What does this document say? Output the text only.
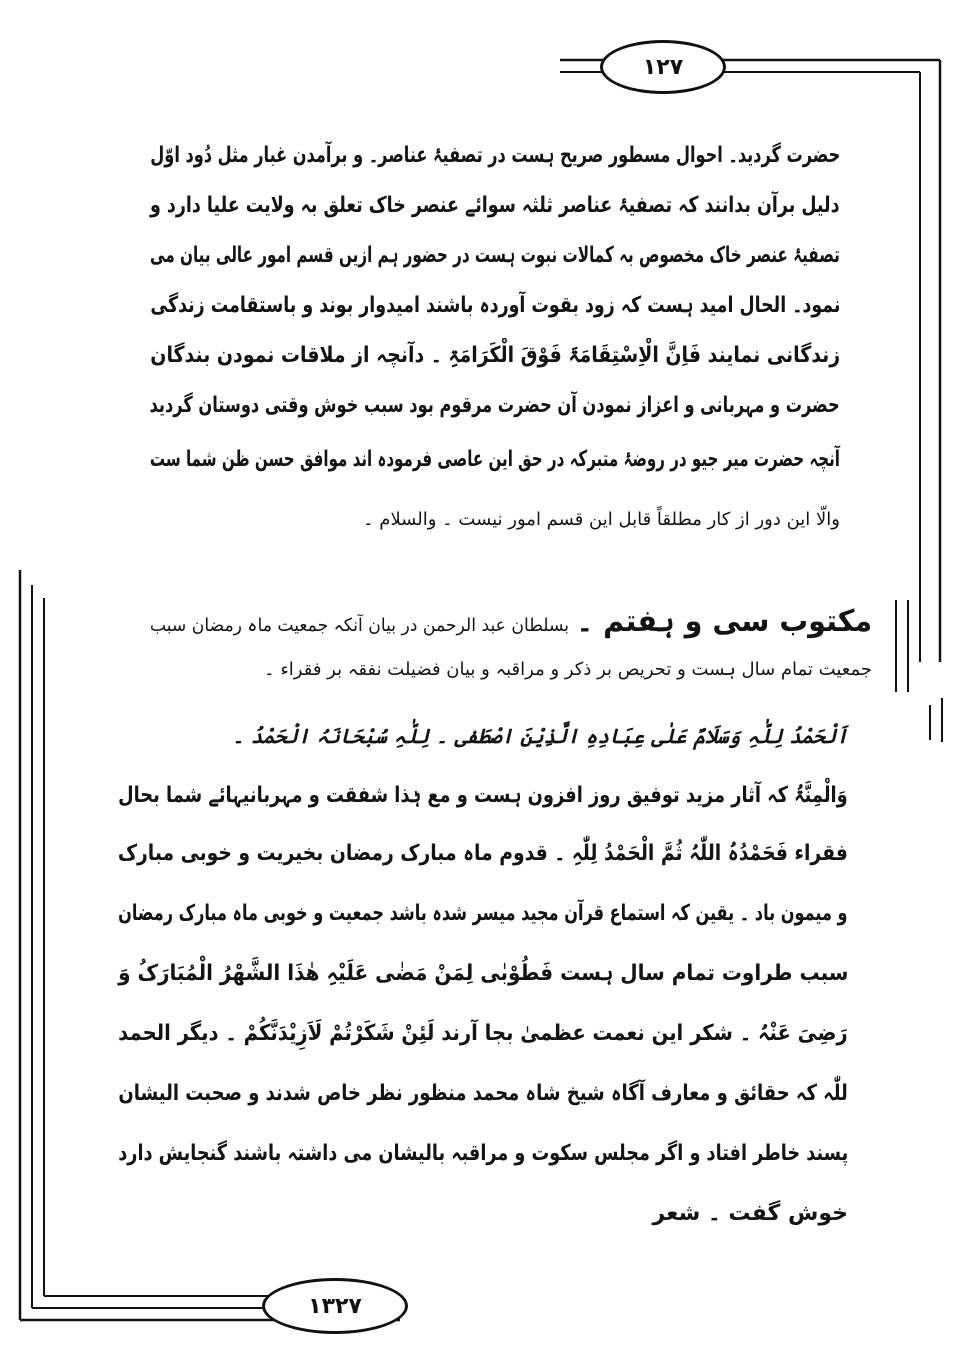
۱۲۷
۱۳۲۷
حضرت گردید۔ احوال مسطور صریح ہست در تصفیۂ عناصر۔ و برآمدن غبار مثل دُود اوّل
دلیل برآن بدانند کہ تصفیۂ عناصر ثلثہ سوائے عنصر خاک تعلق بہ ولایت علیا دارد و
تصفیۂ عنصر خاک مخصوص بہ کمالات نبوت ہست در حضور ہم ازیں قسم امور عالی بیان می
نمود۔ الحال امید ہست کہ زود بقوت آوردہ باشند امیدوار بوند و باستقامت زندگی
زندگانی نمایند فَاِنَّ الْاِسْتِقَامَۃَ فَوْقَ الْکَرَامَۃِ ۔ دآنچہ از ملاقات نمودن بندگان
حضرت و مہربانی و اعزاز نمودن آن حضرت مرقوم بود سبب خوش وقتی دوستان گردید
آنچہ حضرت میر جیو در روضۂ متبرکہ در حق این عاصی فرمودہ اند موافق حسن ظن شما ست
والّا این دور از کار مطلقاً قابل این قسم امور نیست ۔ والسلام ۔
مکتوب سی و ہفتم ۔ بسلطان عبد الرحمن در بیان آنکہ جمعیت ماہ رمضان سبب
جمعیت تمام سال ہست و تحریص بر ذکر و مراقبہ و بیان فضیلت نفقہ بر فقراء ۔
اَلْحَمْدُ لِلّٰہِ وَسَلَامٌ عَلٰی عِبَادِہِ الَّذِیْنَ اصْطَفٰی ۔ لِلّٰہِ سُبْحَانَہُ الْحَمْدُ ۔
وَالْمِنَّۃُ کہ آثار مزید توفیق روز افزون ہست و مع ہٰذا شفقت و مہربانیہائے شما بحال
فقراء فَحَمْدُہُ اللّٰہُ ثُمَّ الْحَمْدُ لِلّٰہِ ۔ قدوم ماہ مبارک رمضان بخیریت و خوبی مبارک
و میمون باد ۔ یقین کہ استماع قرآن مجید میسر شدہ باشد جمعیت و خوبی ماہ مبارک رمضان
سبب طراوت تمام سال ہست فَطُوْبٰی لِمَنْ مَضٰی عَلَیْہِ ھٰذَا الشَّھْرُ الْمُبَارَکُ وَ
رَضِیَ عَنْہُ ۔ شکر این نعمت عظمیٰ بجا آرند لَئِنْ شَکَرْتُمْ لَاَزِیْدَنَّکُمْ ۔ دیگر الحمد
للّٰہ کہ حقائق و معارف آگاہ شیخ شاہ محمد منظور نظر خاص شدند و صحبت الیشان
پسند خاطر افتاد و اگر مجلس سکوت و مراقبہ بالیشان می داشتہ باشند گنجایش دارد
خوش گفت ۔ شعر
